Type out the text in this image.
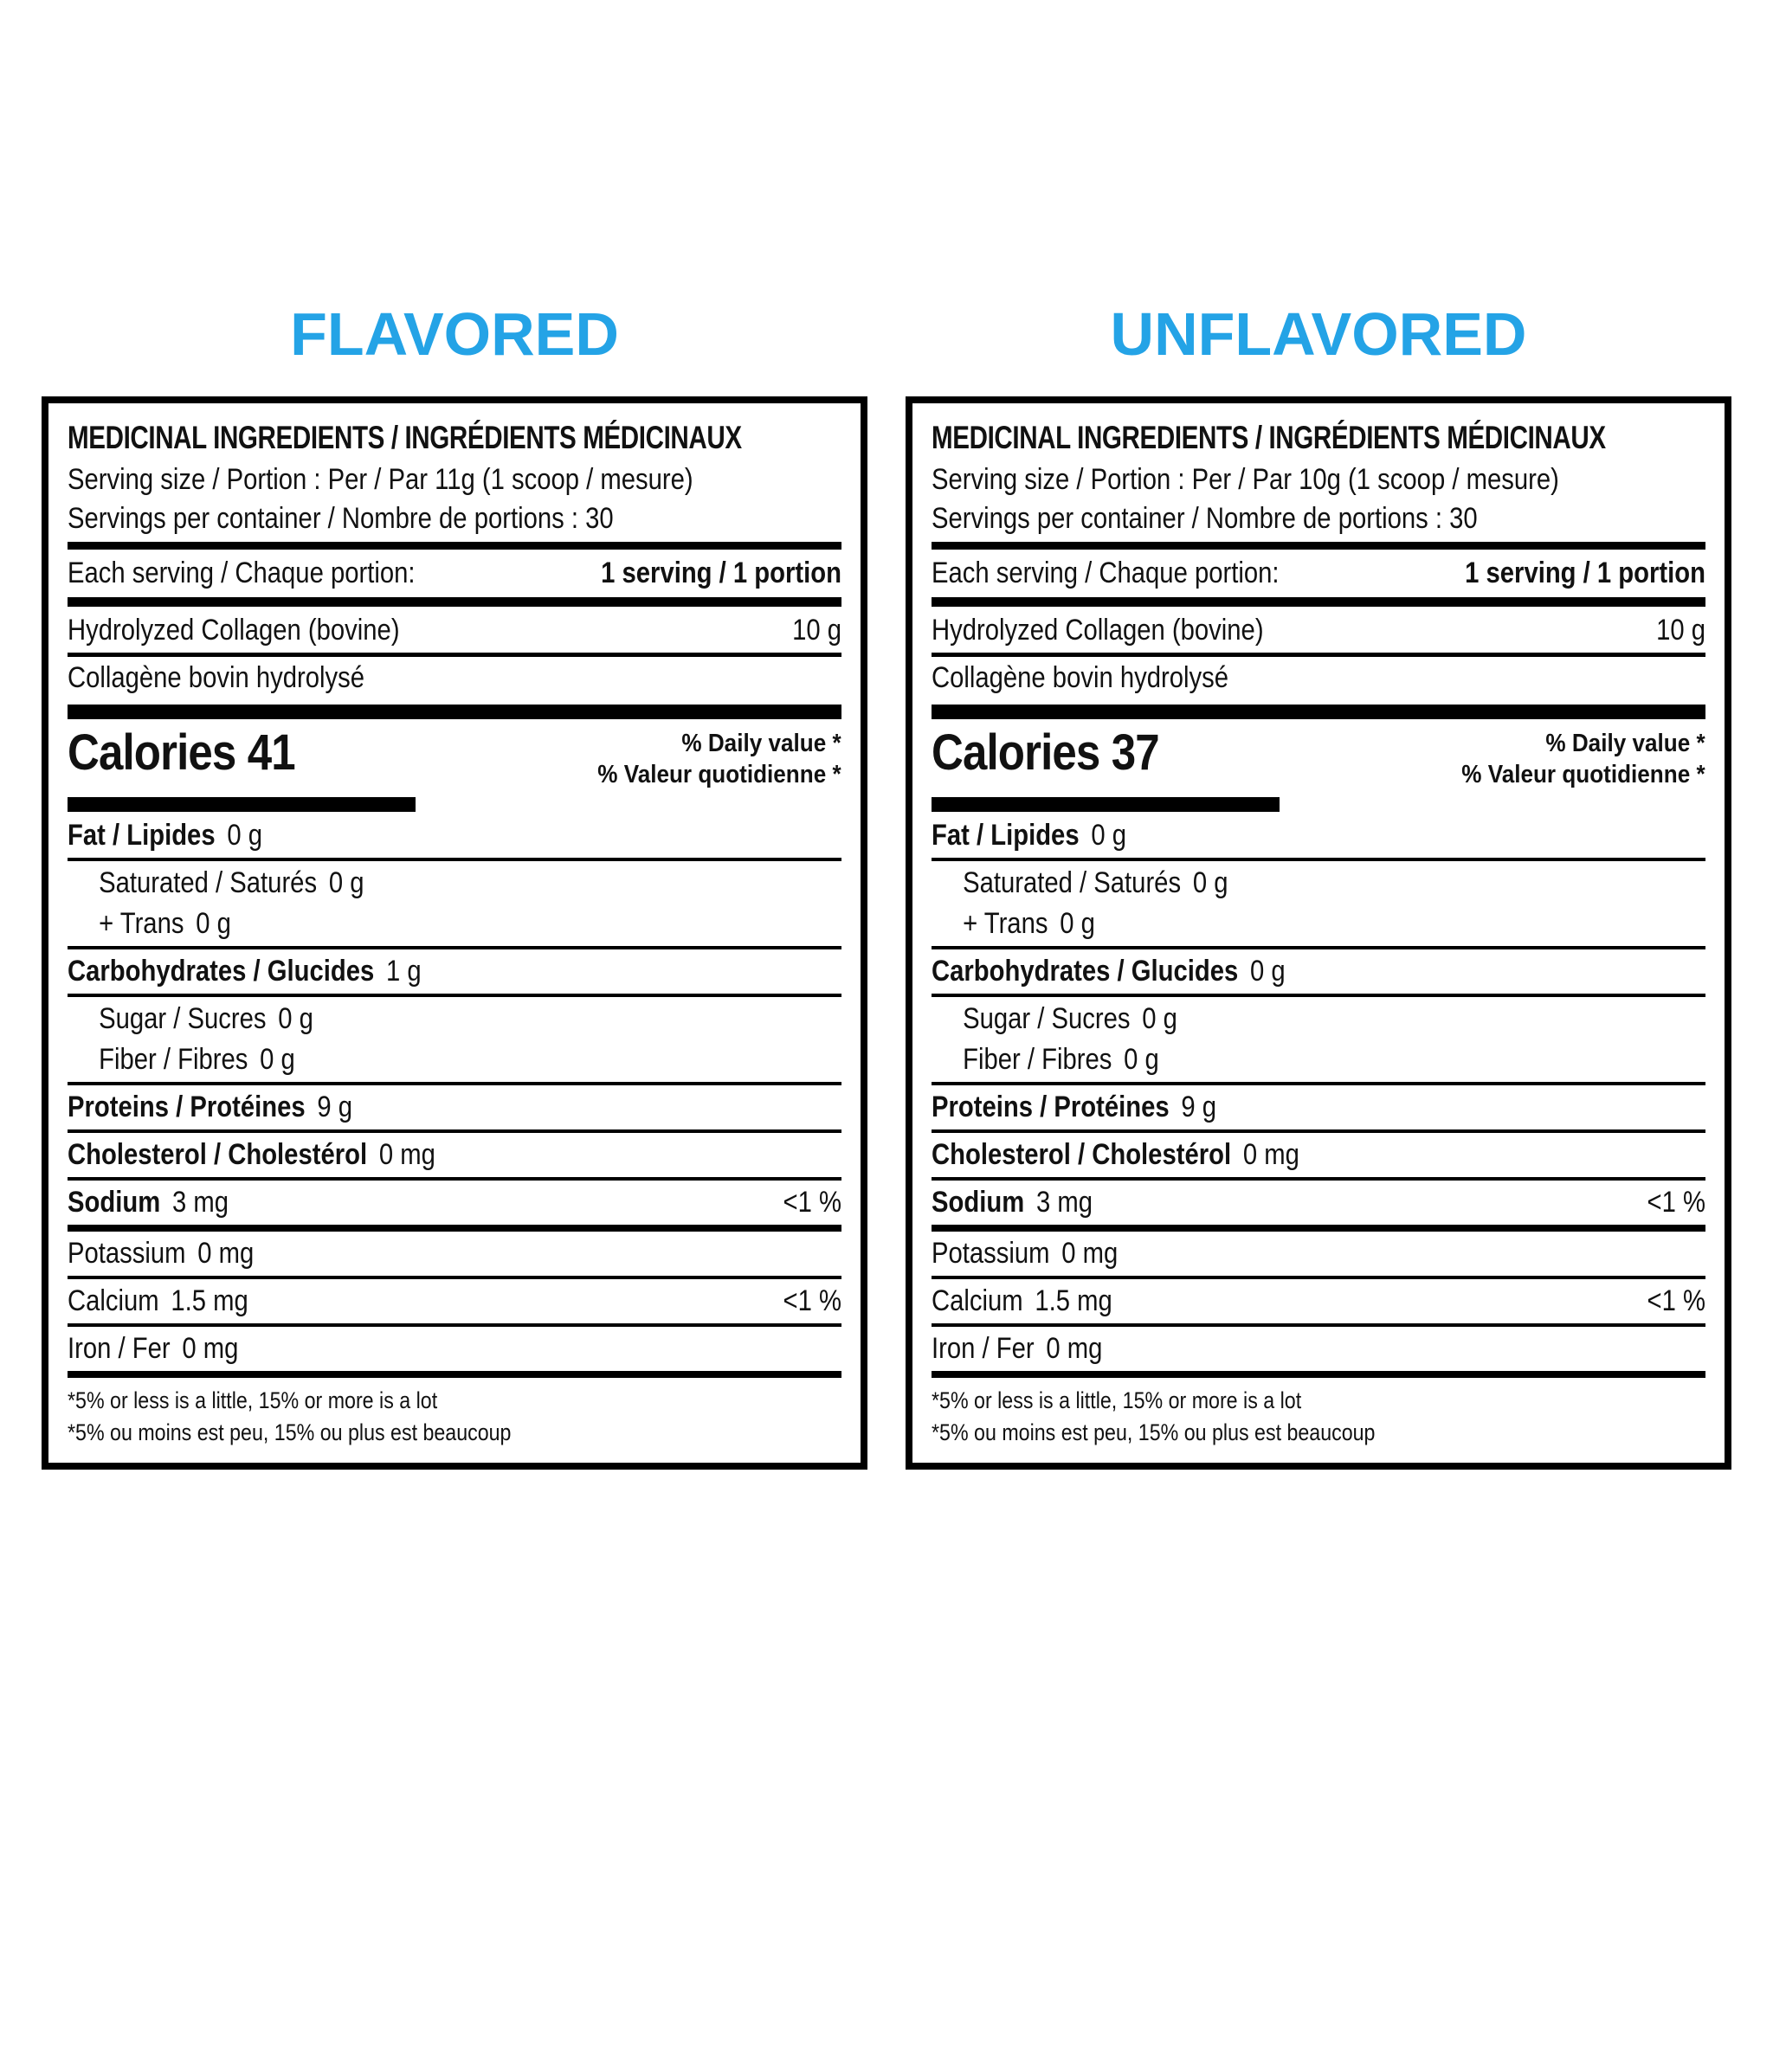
FLAVORED
MEDICINAL INGREDIENTS / INGRÉDIENTS MÉDICINAUX
Serving size / Portion : Per / Par 11g (1 scoop / mesure)
Servings per container / Nombre de portions : 30
Each serving / Chaque portion:	1 serving / 1 portion
Hydrolyzed Collagen (bovine)	10 g
Collagène bovin hydrolysé
Calories 41	% Daily value *
% Valeur quotidienne *
Fat / Lipides 0 g
Saturated / Saturés 0 g
+ Trans 0 g
Carbohydrates / Glucides 1 g
Sugar / Sucres 0 g
Fiber / Fibres 0 g
Proteins / Protéines 9 g
Cholesterol / Cholestérol 0 mg
Sodium 3 mg	<1 %
Potassium 0 mg
Calcium 1.5 mg	<1 %
Iron / Fer 0 mg
*5% or less is a little, 15% or more is a lot
*5% ou moins est peu, 15% ou plus est beaucoup
UNFLAVORED
MEDICINAL INGREDIENTS / INGRÉDIENTS MÉDICINAUX
Serving size / Portion : Per / Par 10g (1 scoop / mesure)
Servings per container / Nombre de portions : 30
Each serving / Chaque portion:	1 serving / 1 portion
Hydrolyzed Collagen (bovine)	10 g
Collagène bovin hydrolysé
Calories 37	% Daily value *
% Valeur quotidienne *
Fat / Lipides 0 g
Saturated / Saturés 0 g
+ Trans 0 g
Carbohydrates / Glucides 0 g
Sugar / Sucres 0 g
Fiber / Fibres 0 g
Proteins / Protéines 9 g
Cholesterol / Cholestérol 0 mg
Sodium 3 mg	<1 %
Potassium 0 mg
Calcium 1.5 mg	<1 %
Iron / Fer 0 mg
*5% or less is a little, 15% or more is a lot
*5% ou moins est peu, 15% ou plus est beaucoup
